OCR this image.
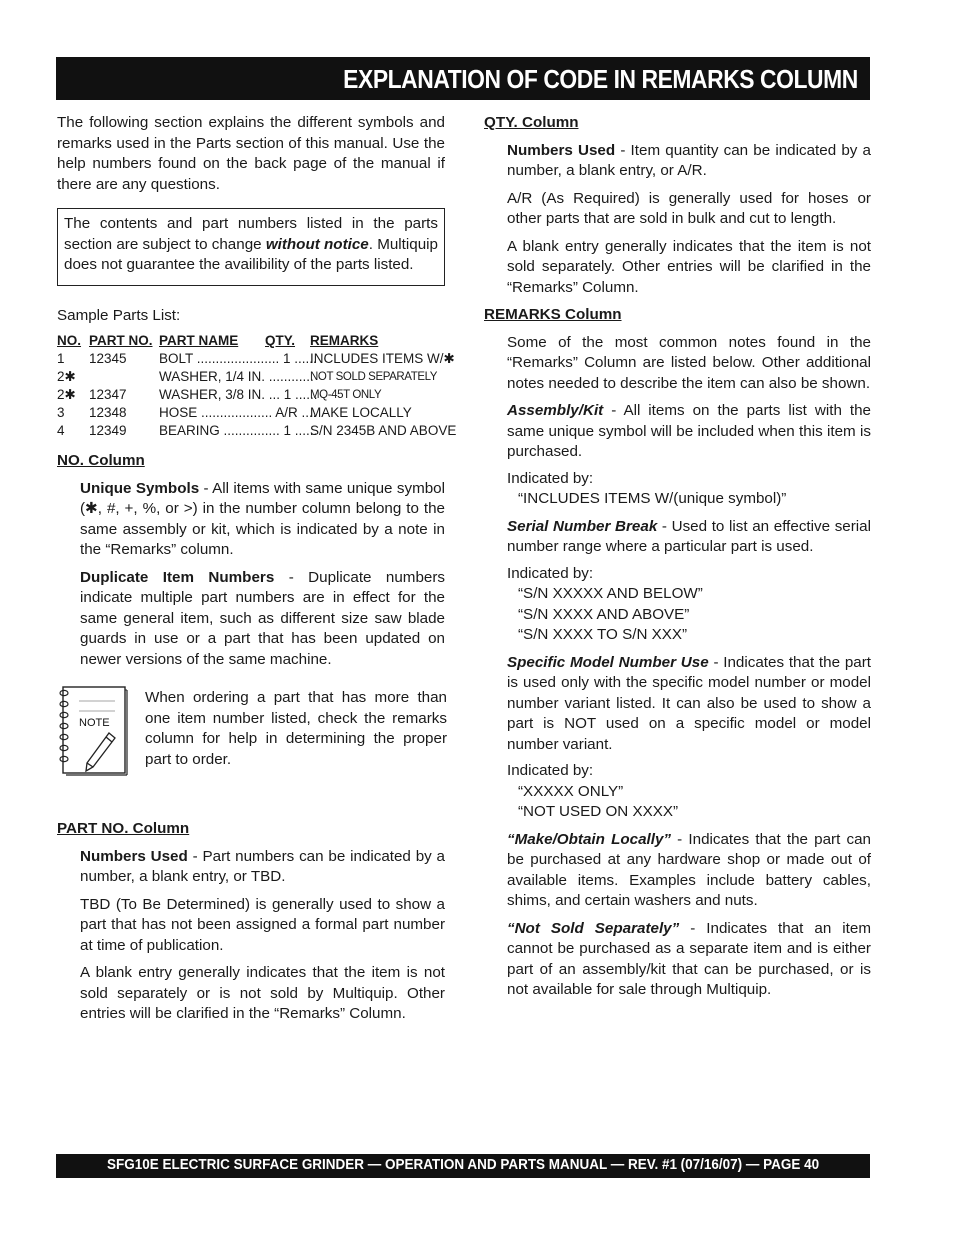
EXPLANATION OF CODE IN REMARKS COLUMN

The following section explains the different symbols and remarks used in the Parts section of this manual. Use the help numbers found on the back page of the manual if there are any questions.

The contents and part numbers listed in the parts section are subject to change without notice. Multiquip does not guarantee the availibility of the parts listed.

Sample Parts List:

NO. PART NO. PART NAME QTY. REMARKS
1 12345 BOLT ...................... 1 ......
INCLUDES ITEMS W/✱
2✱	WASHER, 1/4 IN. ............
NOT SOLD SEPARATELY
2✱ 12347 WASHER, 3/8 IN. ... 1 ......
MQ-45T ONLY
3 12348 HOSE ................... A/R ....
MAKE LOCALLY
4 12349 BEARING ............... 1 ......
S/N 2345B AND ABOVE

NO. Column

Unique Symbols - All items with same unique symbol (✱, #, +, %, or >) in the number column belong to the same assembly or kit, which is indicated by a note in the “Remarks” column.

Duplicate Item Numbers - Duplicate numbers indicate multiple part numbers are in effect for the same general item, such as different size saw blade guards in use or a part that has been updated on newer versions of the same machine.

NOTE

When ordering a part that has more than one item number listed, check the remarks column for help in determining the proper part to order.

PART NO. Column

Numbers Used - Part numbers can be indicated by a number, a blank entry, or TBD.

TBD (To Be Determined) is generally used to show a part that has not been assigned a formal part number at time of publication.

A blank entry generally indicates that the item is not sold separately or is not sold by Multiquip. Other entries will be clarified in the “Remarks” Column.

QTY. Column

Numbers Used - Item quantity can be indicated by a number, a blank entry, or A/R.

A/R (As Required) is generally used for hoses or other parts that are sold in bulk and cut to length.

A blank entry generally indicates that the item is not sold separately. Other entries will be clarified in the “Remarks” Column.

REMARKS Column

Some of the most common notes found in the “Remarks” Column are listed below. Other additional notes needed to describe the item can also be shown.

Assembly/Kit - All items on the parts list with the same unique symbol will be included when this item is purchased.

Indicated by:

“INCLUDES ITEMS W/(unique symbol)”

Serial Number Break - Used to list an effective serial number range where a particular part is used.

Indicated by:

“S/N XXXXX AND BELOW”

“S/N XXXX AND ABOVE”

“S/N XXXX TO S/N XXX”

Specific Model Number Use - Indicates that the part is used only with the specific model number or model number variant listed. It can also be used to show a part is NOT used on a specific model or model number variant.

Indicated by:

“XXXXX ONLY”

“NOT USED ON XXXX”

“Make/Obtain Locally” - Indicates that the part can be purchased at any hardware shop or made out of available items. Examples include battery cables, shims, and certain washers and nuts.

“Not Sold Separately” - Indicates that an item cannot be purchased as a separate item and is either part of an assembly/kit that can be purchased, or is not available for sale through Multiquip.

SFG10E ELECTRIC SURFACE GRINDER — OPERATION AND PARTS MANUAL — REV. #1 (07/16/07) — PAGE 40
